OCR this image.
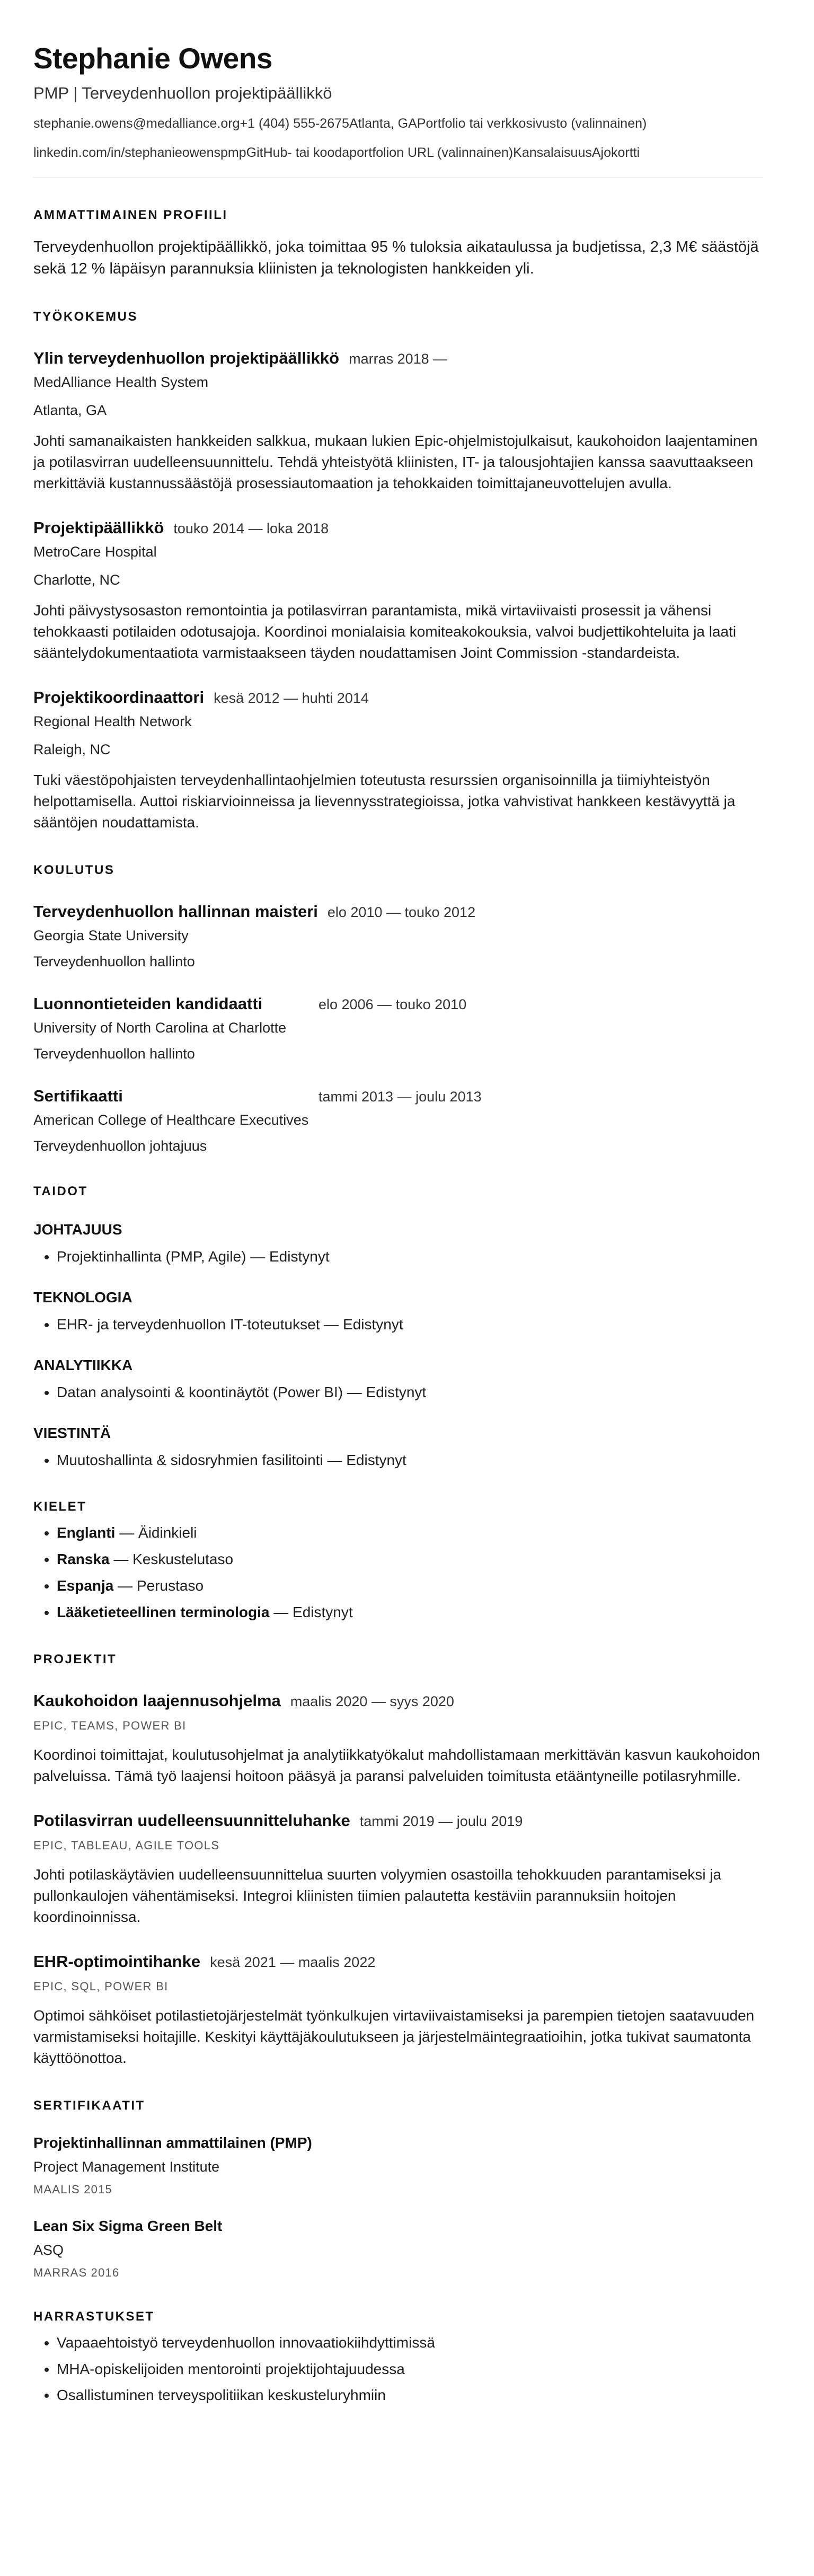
Stephanie Owens
PMP | Terveydenhuollon projektipäällikkö
stephanie.owens@medalliance.org+1 (404) 555-2675Atlanta, GAPortfolio tai verkkosivusto (valinnainen)
linkedin.com/in/stephanieowenspmpGitHub- tai koodaportfolion URL (valinnainen)KansalaisuusAjokortti
AMMATTIMAINEN PROFIILI

Terveydenhuollon projektipäällikkö, joka toimittaa 95 % tuloksia aikataulussa ja budjetissa, 2,3 M€ säästöjä sekä 12 % läpäisyn parannuksia kliinisten ja teknologisten hankkeiden yli.

TYÖKOKEMUS
Ylin terveydenhuollon projektipäällikkö marras 2018 —
MedAlliance Health System
Atlanta, GA

Johti samanaikaisten hankkeiden salkkua, mukaan lukien Epic-ohjelmistojulkaisut, kaukohoidon laajentaminen ja potilasvirran uudelleensuunnittelu. Tehdä yhteistyötä kliinisten, IT- ja talousjohtajien kanssa saavuttaakseen merkittäviä kustannussäästöjä prosessiautomaation ja tehokkaiden toimittajaneuvottelujen avulla.

Projektipäällikkö touko 2014 — loka 2018
MetroCare Hospital
Charlotte, NC

Johti päivystysosaston remontointia ja potilasvirran parantamista, mikä virtaviivaisti prosessit ja vähensi tehokkaasti potilaiden odotusajoja. Koordinoi monialaisia komiteakokouksia, valvoi budjettikohteluita ja laati sääntelydokumentaatiota varmistaakseen täyden noudattamisen Joint Commission -standardeista.

Projektikoordinaattori kesä 2012 — huhti 2014
Regional Health Network
Raleigh, NC

Tuki väestöpohjaisten terveydenhallintaohjelmien toteutusta resurssien organisoinnilla ja tiimiyhteistyön helpottamisella. Auttoi riskiarvioinneissa ja lievennysstrategioissa, jotka vahvistivat hankkeen kestävyyttä ja sääntöjen noudattamista.

KOULUTUS
Terveydenhuollon hallinnan maisteri elo 2010 — touko 2012
Georgia State University
Terveydenhuollon hallinto
Luonnontieteiden kandidaatti	elo 2006 — touko 2010
University of North Carolina at Charlotte
Terveydenhuollon hallinto
Sertifikaatti	tammi 2013 — joulu 2013
American College of Healthcare Executives
Terveydenhuollon johtajuus
TAIDOT
JOHTAJUUS
• Projektinhallinta (PMP, Agile) — Edistynyt
TEKNOLOGIA
• EHR- ja terveydenhuollon IT-toteutukset — Edistynyt
ANALYTIIKKA
• Datan analysointi & koontinäytöt (Power BI) — Edistynyt
VIESTINTÄ
• Muutoshallinta & sidosryhmien fasilitointi — Edistynyt
KIELET
• Englanti — Äidinkieli
• Ranska — Keskustelutaso
• Espanja — Perustaso
• Lääketieteellinen terminologia — Edistynyt
PROJEKTIT
Kaukohoidon laajennusohjelma maalis 2020 — syys 2020
EPIC, TEAMS, POWER BI

Koordinoi toimittajat, koulutusohjelmat ja analytiikkatyökalut mahdollistamaan merkittävän kasvun kaukohoidon palveluissa. Tämä työ laajensi hoitoon pääsyä ja paransi palveluiden toimitusta etääntyneille potilasryhmille.

Potilasvirran uudelleensuunnitteluhanke tammi 2019 — joulu 2019
EPIC, TABLEAU, AGILE TOOLS

Johti potilaskäytävien uudelleensuunnittelua suurten volyymien osastoilla tehokkuuden parantamiseksi ja pullonkaulojen vähentämiseksi. Integroi kliinisten tiimien palautetta kestäviin parannuksiin hoitojen koordinoinnissa.

EHR-optimointihanke kesä 2021 — maalis 2022
EPIC, SQL, POWER BI

Optimoi sähköiset potilastietojärjestelmät työnkulkujen virtaviivaistamiseksi ja parempien tietojen saatavuuden varmistamiseksi hoitajille. Keskityi käyttäjäkoulutukseen ja järjestelmäintegraatioihin, jotka tukivat saumatonta käyttöönottoa.

SERTIFIKAATIT
Projektinhallinnan ammattilainen (PMP)
Project Management Institute
MAALIS 2015
Lean Six Sigma Green Belt
ASQ
MARRAS 2016
HARRASTUKSET
• Vapaaehtoistyö terveydenhuollon innovaatiokiihdyttimissä
• MHA-opiskelijoiden mentorointi projektijohtajuudessa
• Osallistuminen terveyspolitiikan keskusteluryhmiin
